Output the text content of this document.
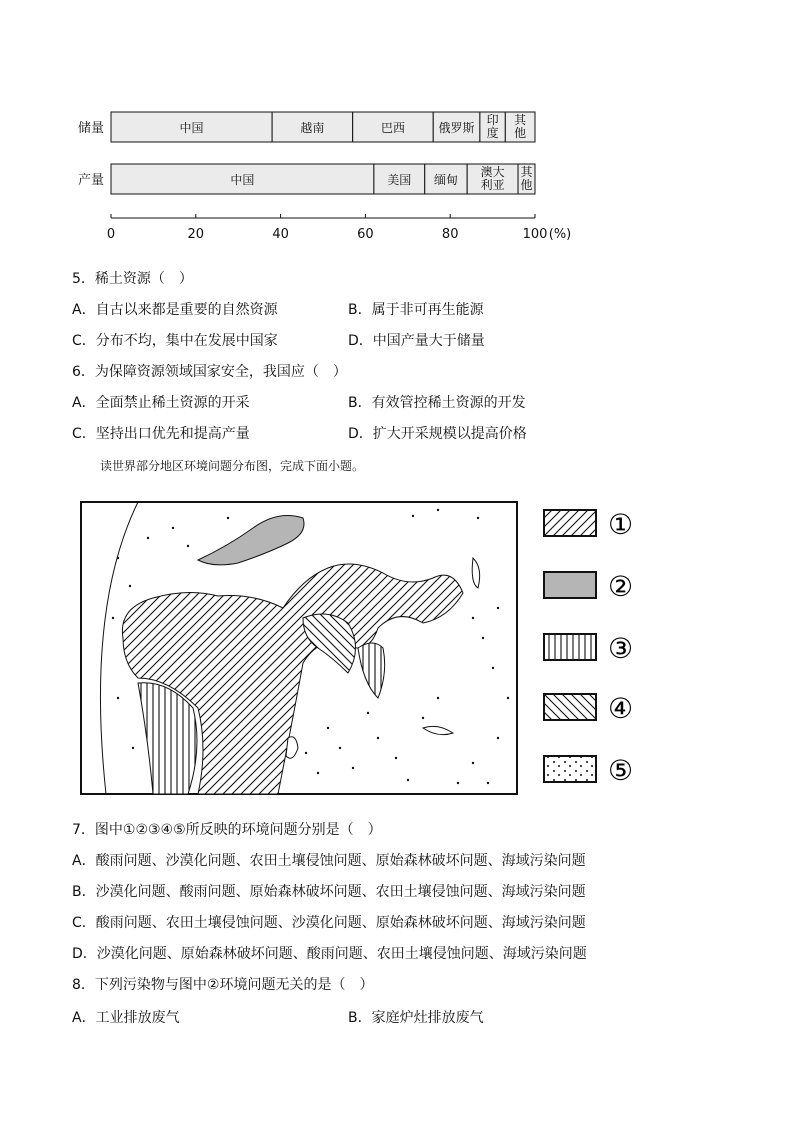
储量	中国	越南	巴西	俄罗斯
印
度
其
他
产量	中国	美国 缅甸
澳大
利亚
其
他
0	20	40	60	80	100 (%)
5．稀土资源（　）
A．自古以来都是重要的自然资源	B．属于非可再生能源
C．分布不均，集中在发展中国家	D．中国产量大于储量
6．为保障资源领域国家安全，我国应（　）
A．全面禁止稀土资源的开采	B．有效管控稀土资源的开发
C．坚持出口优先和提高产量	D．扩大开采规模以提高价格
读世界部分地区环境问题分布图，完成下面小题。
①
②
③
④
⑤
7．图中①②③④⑤所反映的环境问题分别是（　）
A．酸雨问题、沙漠化问题、农田土壤侵蚀问题、原始森林破坏问题、海域污染问题
B．沙漠化问题、酸雨问题、原始森林破坏问题、农田土壤侵蚀问题、海域污染问题
C．酸雨问题、农田土壤侵蚀问题、沙漠化问题、原始森林破坏问题、海域污染问题
D．沙漠化问题、原始森林破坏问题、酸雨问题、农田土壤侵蚀问题、海域污染问题
8．下列污染物与图中②环境问题无关的是（　）
A．工业排放废气	B．家庭炉灶排放废气
